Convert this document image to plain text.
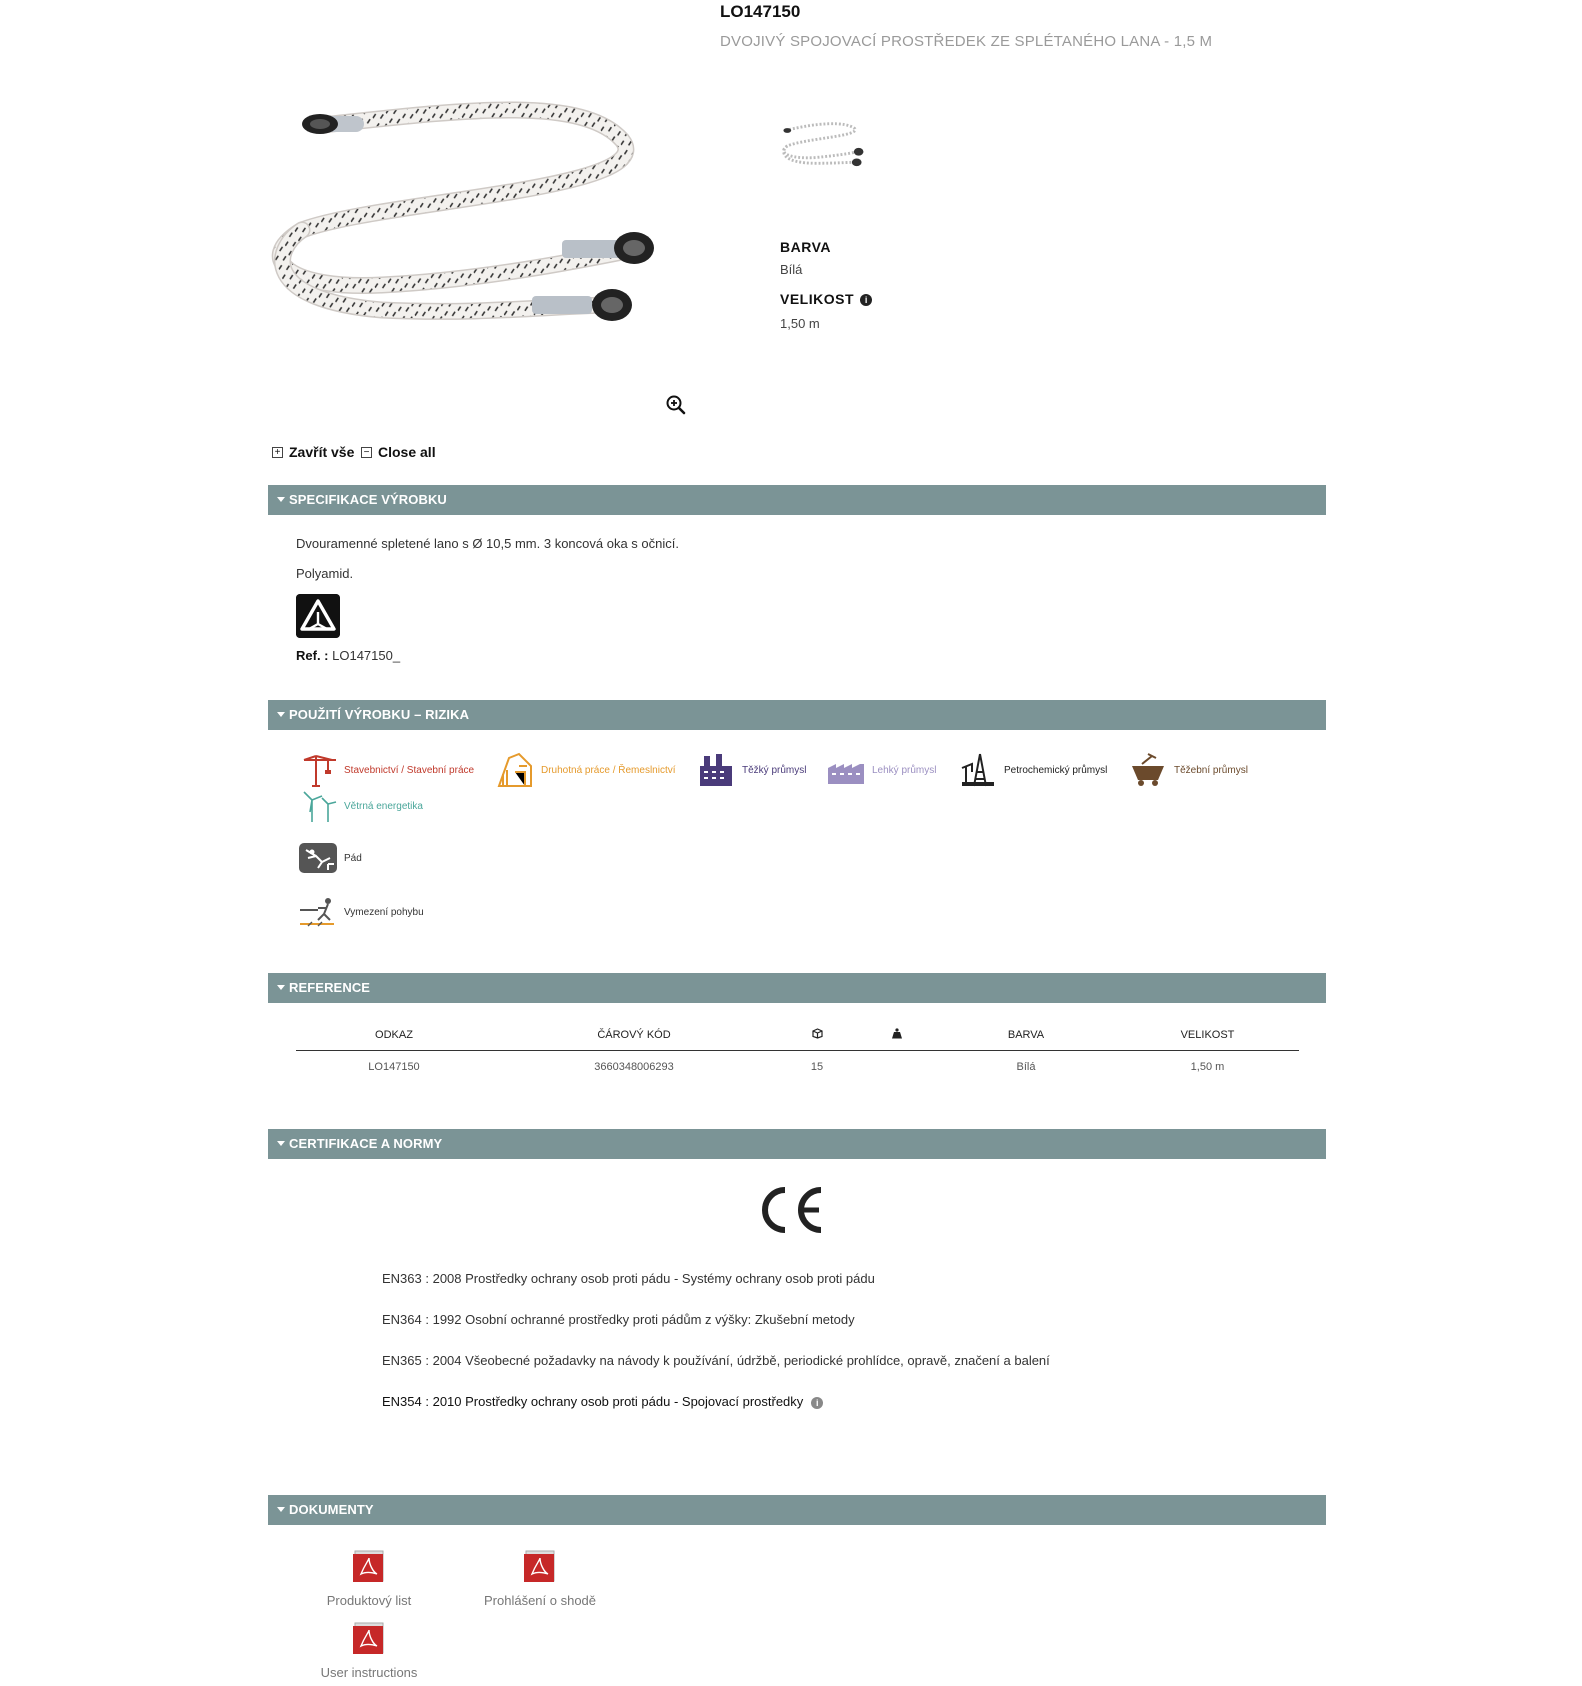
LO147150
DVOJIVÝ SPOJOVACÍ PROSTŘEDEK ZE SPLÉTANÉHO LANA - 1,5 M
BARVA
Bílá
VELIKOST i
1,50 m
+ Zavřít vše − Close all
SPECIFIKACE VÝROBKU
Dvouramenné spletené lano s Ø 10,5 mm. 3 koncová oka s očnicí.
Polyamid.
Ref. : LO147150_
POUŽITÍ VÝROBKU – RIZIKA
Stavebnictví / Stavební práce	Druhotná práce / Řemeslnictví	Těžký průmysl	Lehký průmysl	Petrochemický průmysl	Těžební průmysl
Větrná energetika
Pád
Vymezení pohybu
REFERENCE
ODKAZ	ČÁROVÝ KÓD			BARVA	VELIKOST
LO147150	3660348006293	15		Bílá	1,50 m
CERTIFIKACE A NORMY
EN363 : 2008 Prostředky ochrany osob proti pádu - Systémy ochrany osob proti pádu
EN364 : 1992 Osobní ochranné prostředky proti pádům z výšky: Zkušební metody
EN365 : 2004 Všeobecné požadavky na návody k používání, údržbě, periodické prohlídce, opravě, značení a balení
EN354 : 2010 Prostředky ochrany osob proti pádu - Spojovací prostředky i
DOKUMENTY
Produktový list	Prohlášení o shodě
User instructions
